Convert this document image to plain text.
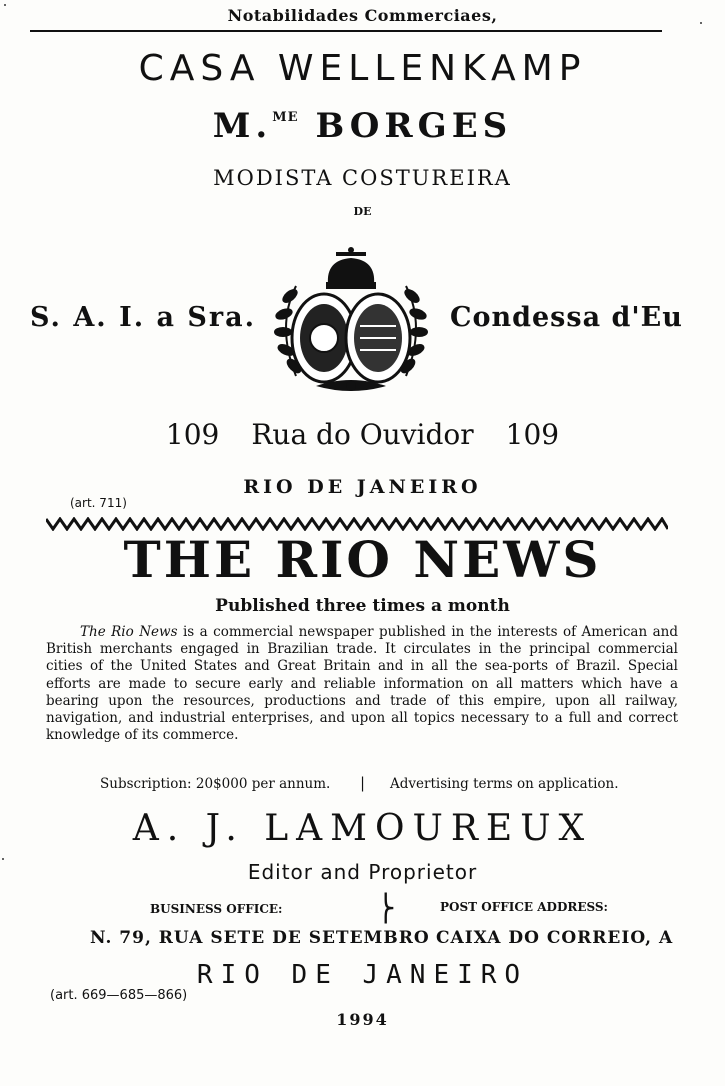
Notabilidades Commerciaes,
CASA WELLENKAMP
M.$^{ME}$ BORGES
MODISTA COSTUREIRA
DE
S. A. I. a Sra.	Condessa d'Eu
109 Rua do Ouvidor 109
RIO DE JANEIRO
(art. 711)
THE RIO NEWS
Published three times a month
The Rio News is a commercial newspaper published in the interests of American and British merchants engaged in Brazilian trade. It circulates in the principal commercial cities of the United States and Great Britain and in all the sea-ports of Brazil. Special efforts are made to secure early and reliable information on all matters which have a bearing upon the resources, productions and trade of this empire, upon all railway, navigation, and industrial enterprises, and upon all topics necessary to a full and correct knowledge of its commerce.
Subscription: 20$000 per annum. | Advertising terms on application.
A. J. LAMOUREUX
Editor and Proprietor
BUSINESS OFFICE:	POST OFFICE ADDRESS:
⎬
N. 79, RUA SETE DE SETEMBRO CAIXA DO CORREIO, A
RIO DE JANEIRO
(art. 669—685—866)
1994
